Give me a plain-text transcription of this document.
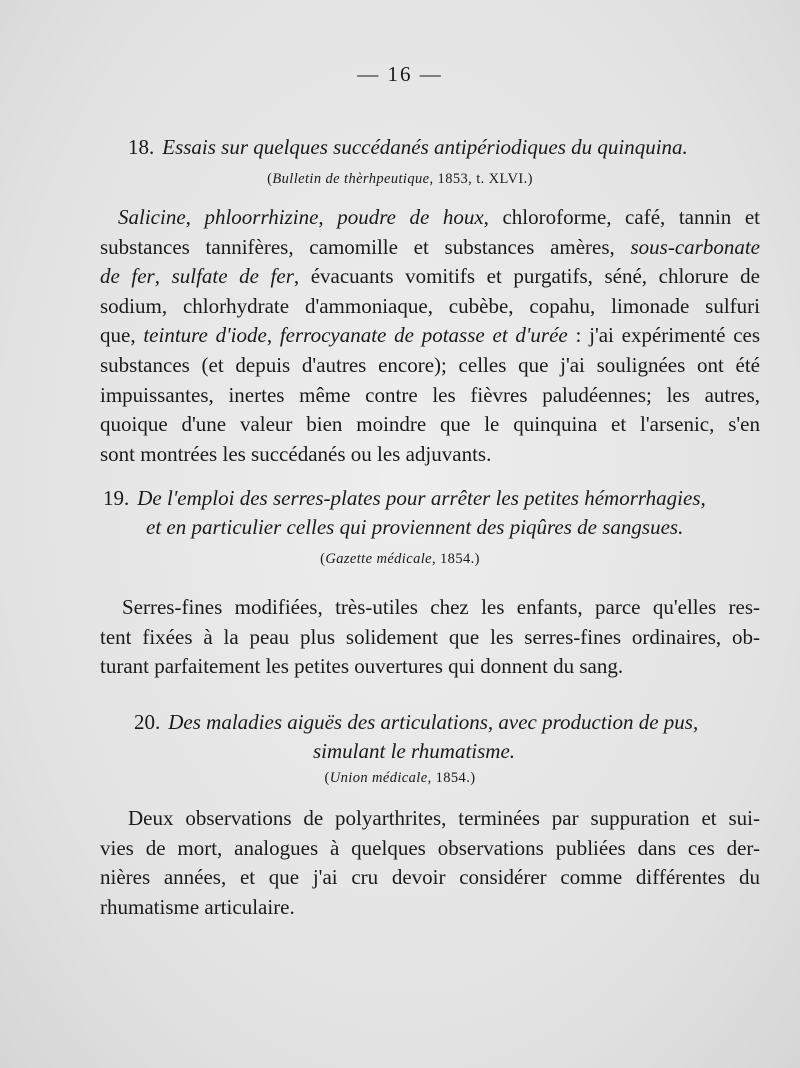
— 16 —
18. Essais sur quelques succédanés antipériodiques du quinquina.
(Bulletin de thèrhpeutique, 1853, t. XLVI.)
Salicine, phloorrhizine, poudre de houx, chloroforme, café, tannin et
substances tannifères, camomille et substances amères, sous-carbonate
de fer, sulfate de fer, évacuants vomitifs et purgatifs, séné, chlorure de
sodium, chlorhydrate d'ammoniaque, cubèbe, copahu, limonade sulfuri
que, teinture d'iode, ferrocyanate de potasse et d'urée : j'ai expérimenté ces
substances (et depuis d'autres encore); celles que j'ai soulignées ont été
impuissantes, inertes même contre les fièvres paludéennes; les autres,
quoique d'une valeur bien moindre que le quinquina et l'arsenic, s'en
sont montrées les succédanés ou les adjuvants.
19. De l'emploi des serres-plates pour arrêter les petites hémorrhagies,
et en particulier celles qui proviennent des piqûres de sangsues.
(Gazette médicale, 1854.)
Serres-fines modifiées, très-utiles chez les enfants, parce qu'elles res-
tent fixées à la peau plus solidement que les serres-fines ordinaires, ob-
turant parfaitement les petites ouvertures qui donnent du sang.
20. Des maladies aiguës des articulations, avec production de pus,
simulant le rhumatisme.
(Union médicale, 1854.)
Deux observations de polyarthrites, terminées par suppuration et sui-
vies de mort, analogues à quelques observations publiées dans ces der-
nières années, et que j'ai cru devoir considérer comme différentes du
rhumatisme articulaire.
